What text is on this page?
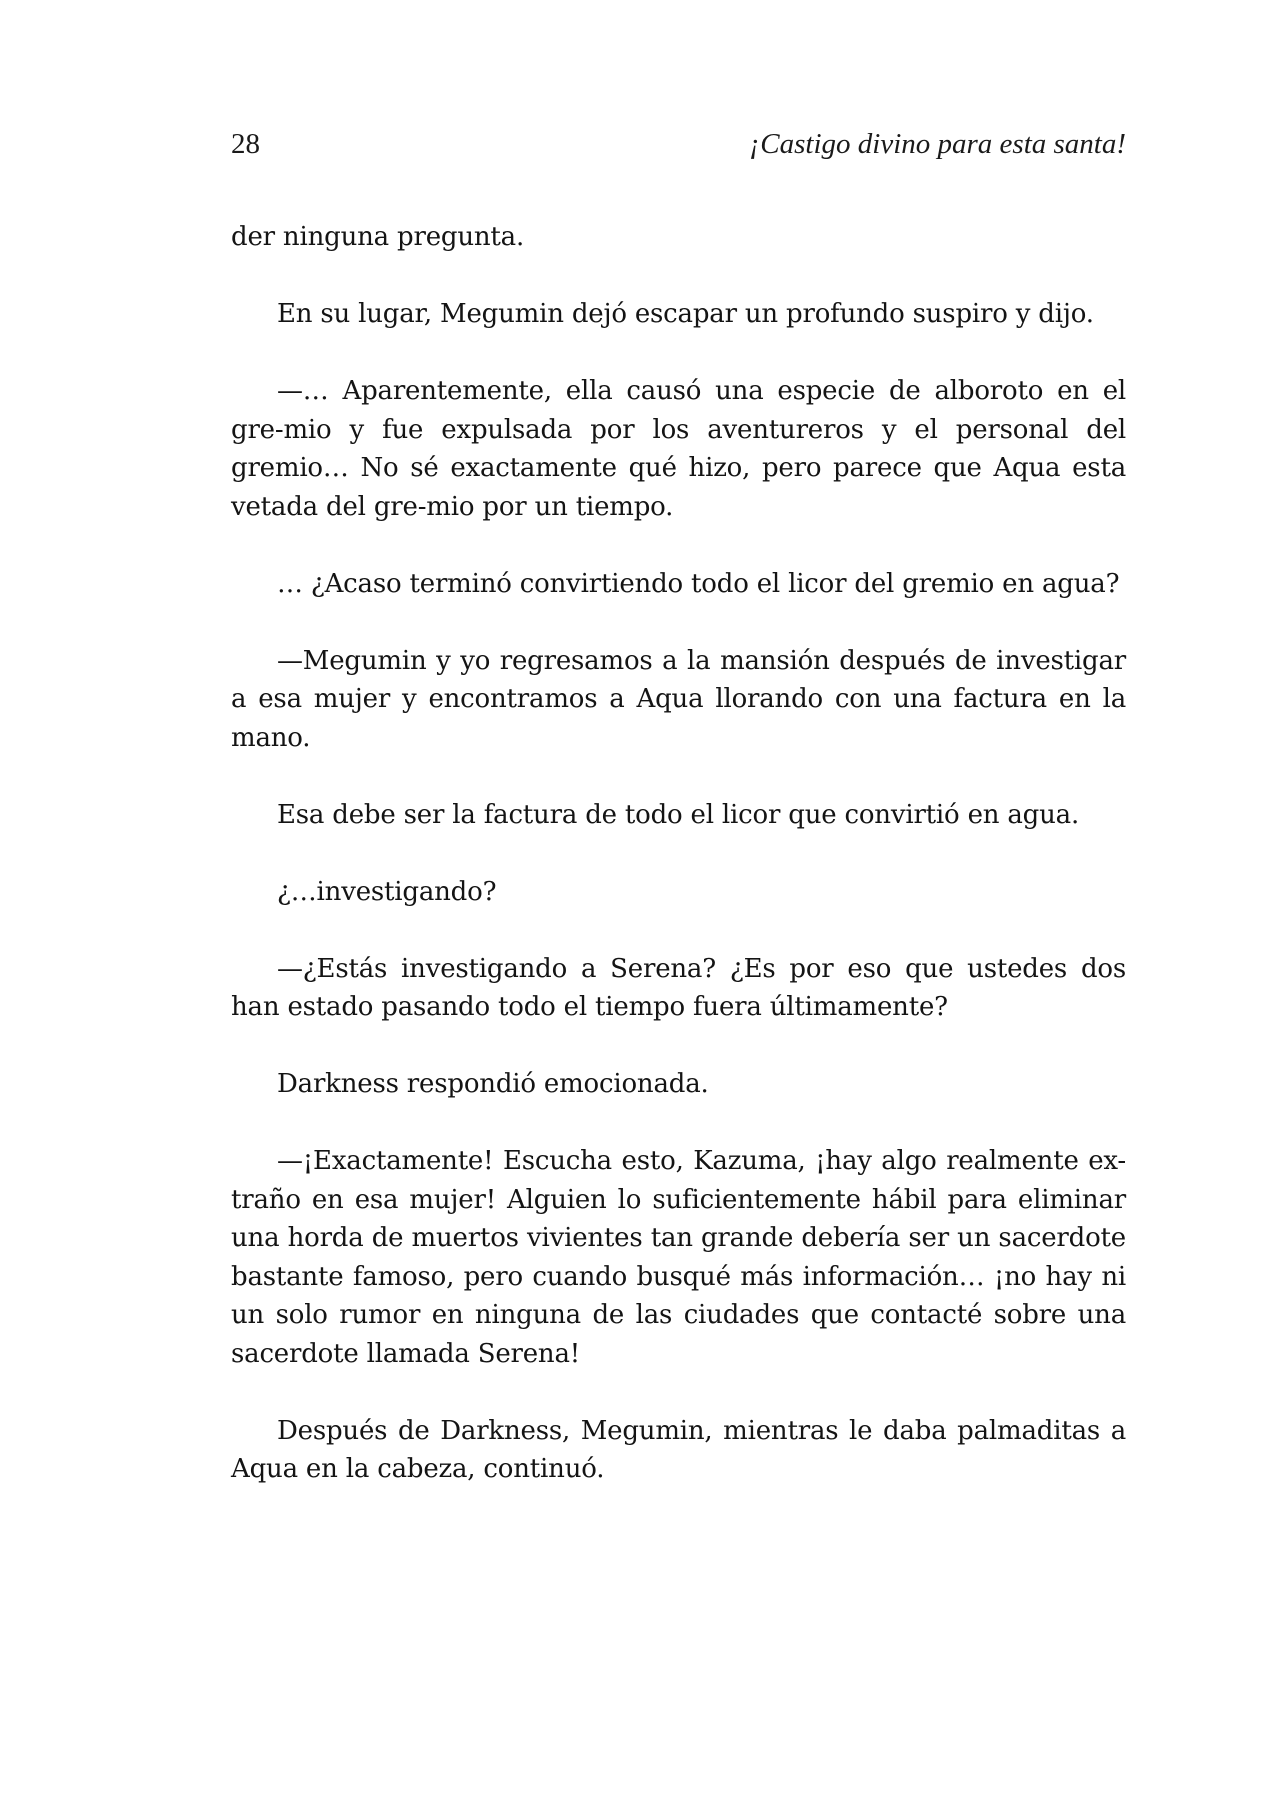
28	¡Castigo divino para esta santa!

der ninguna pregunta.

En su lugar, Megumin dejó escapar un profundo suspiro y dijo.

—… Aparentemente, ella causó una especie de alboroto en el gre-mio y fue expulsada por los aventureros y el personal del gremio… No sé exactamente qué hizo, pero parece que Aqua esta vetada del gre-mio por un tiempo.

… ¿Acaso terminó convirtiendo todo el licor del gremio en agua?

—Megumin y yo regresamos a la mansión después de investigar a esa mujer y encontramos a Aqua llorando con una factura en la mano.

Esa debe ser la factura de todo el licor que convirtió en agua.

¿…investigando?

—¿Estás investigando a Serena? ¿Es por eso que ustedes dos han estado pasando todo el tiempo fuera últimamente?

Darkness respondió emocionada.

—¡Exactamente! Escucha esto, Kazuma, ¡hay algo realmente ex-traño en esa mujer! Alguien lo suficientemente hábil para eliminar una horda de muertos vivientes tan grande debería ser un sacerdote bastante famoso, pero cuando busqué más información… ¡no hay ni un solo rumor en ninguna de las ciudades que contacté sobre una sacerdote llamada Serena!

Después de Darkness, Megumin, mientras le daba palmaditas a Aqua en la cabeza, continuó.
